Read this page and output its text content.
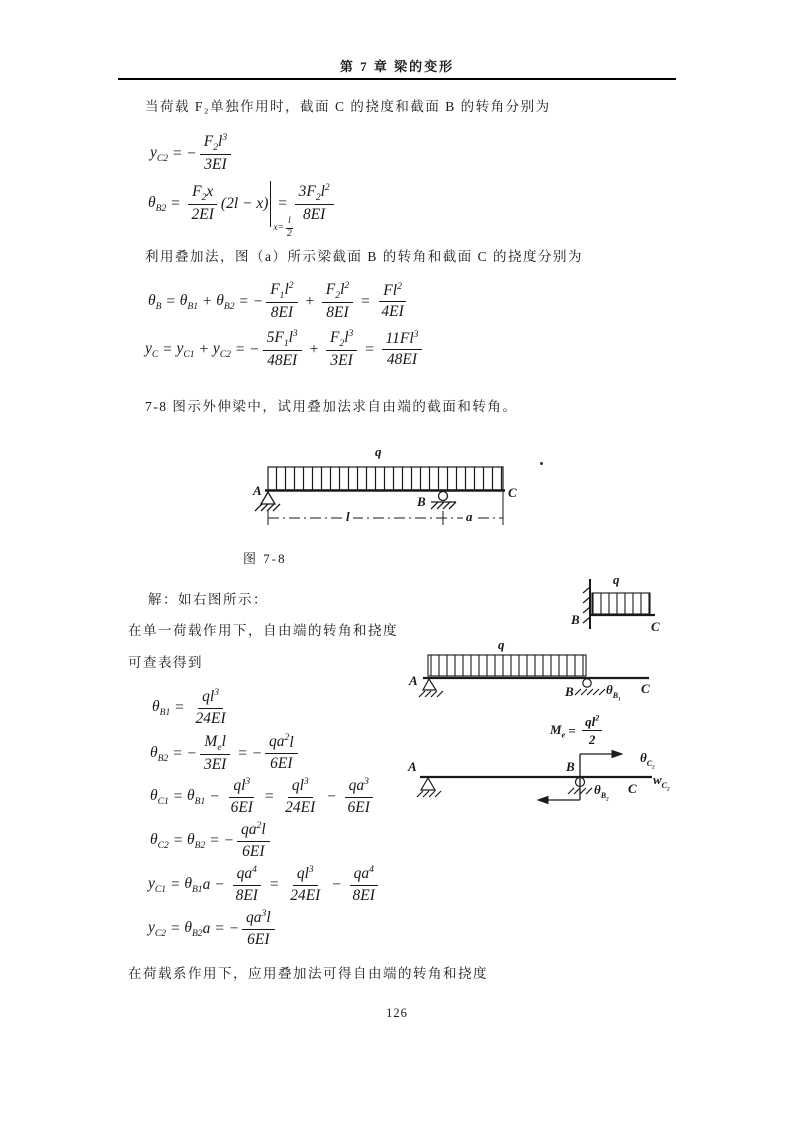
第 7 章 梁的变形
当荷载 F₂单独作用时，截面 C 的挠度和截面 B 的转角分别为
$y_{C2}$ = − $\frac{F_2l^3}{3EI}$
$\theta_{B2} = \frac{F_2x}{2EI} (2l - x)$
$x= \frac{l}{2}$
= $\frac{3F_2l^2}{8EI}$
利用叠加法，图（a）所示梁截面 B 的转角和截面 C 的挠度分别为
$\theta_B = \theta_{B1} + \theta_{B2}$ = − $\frac{F_1l^2}{8EI} + \frac{F_2l^2}{8EI} = \frac{Fl^2}{4EI}$
$y_C = y_{C1} + y_{C2}$ = − $\frac{5F_1l^3}{48EI} + \frac{F_2l^3}{3EI} = \frac{11Fl^3}{48EI}$
7-8 图示外伸梁中，试用叠加法求自由端的截面和转角。
q
A
B
C
l	a
图 7-8
解：如右图所示：
在单一荷载作用下，自由端的转角和挠度
可查表得到
B
q
C
q
A
B $\theta_{B_1}$
C
$M_e = \frac{ql^2}{2}$
B
A
$\theta_{C_2}$
C
$w_{C_2}$
$\theta_{B_2}$
$\theta_{B1} = \frac{ql^3}{24EI}$
$\theta_{B2}$ = − $\frac{M_el}{3EI}$ = − $\frac{qa^2l}{6EI}$
$\theta_{C1} = \theta_{B1} - \frac{ql^3}{6EI} = \frac{ql^3}{24EI} - \frac{qa^3}{6EI}$
$\theta_{C2} = \theta_{B2}$ = − $\frac{qa^2l}{6EI}$
$y_{C1} = \theta_{B1}$ $a - \frac{qa^4}{8EI} = \frac{ql^3}{24EI} - \frac{qa^4}{8EI}$
$y_{C2} = \theta_{B2}$ a = − $\frac{qa^3l}{6EI}$
在荷载系作用下，应用叠加法可得自由端的转角和挠度
126
